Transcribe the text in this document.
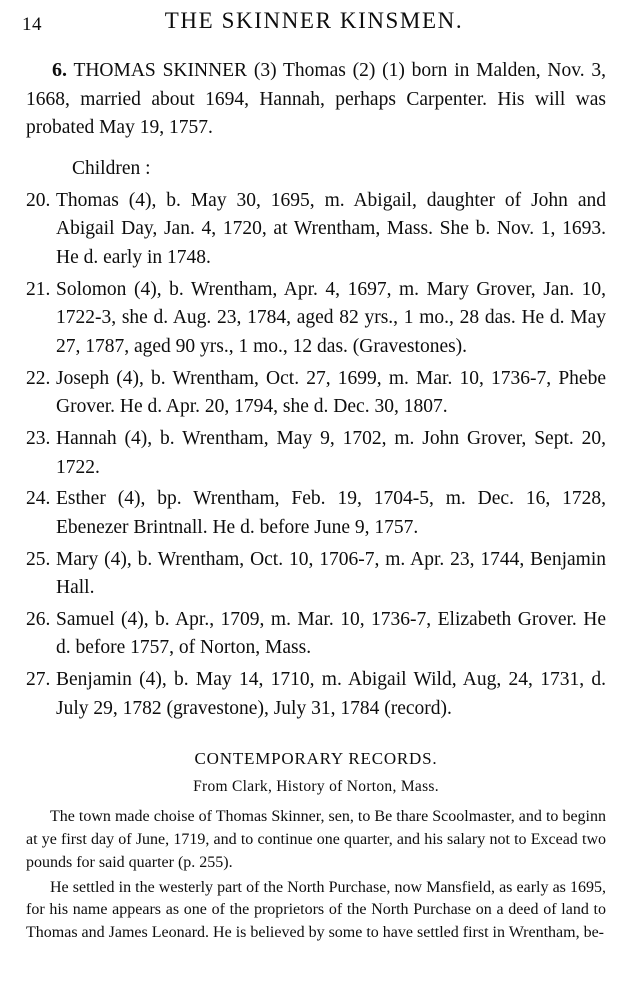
14	THE SKINNER KINSMEN.

6. THOMAS SKINNER (3) Thomas (2) (1) born in Malden, Nov. 3, 1668, married about 1694, Hannah, perhaps Carpenter. His will was probated May 19, 1757.

Children :

20. Thomas (4), b. May 30, 1695, m. Abigail, daughter of John and Abigail Day, Jan. 4, 1720, at Wrentham, Mass. She b. Nov. 1, 1693. He d. early in 1748.
21. Solomon (4), b. Wrentham, Apr. 4, 1697, m. Mary Grover, Jan. 10, 1722-3, she d. Aug. 23, 1784, aged 82 yrs., 1 mo., 28 das. He d. May 27, 1787, aged 90 yrs., 1 mo., 12 das. (Gravestones).
22. Joseph (4), b. Wrentham, Oct. 27, 1699, m. Mar. 10, 1736-7, Phebe Grover. He d. Apr. 20, 1794, she d. Dec. 30, 1807.
23. Hannah (4), b. Wrentham, May 9, 1702, m. John Grover, Sept. 20, 1722.
24. Esther (4), bp. Wrentham, Feb. 19, 1704-5, m. Dec. 16, 1728, Ebenezer Brintnall. He d. before June 9, 1757.
25. Mary (4), b. Wrentham, Oct. 10, 1706-7, m. Apr. 23, 1744, Benjamin Hall.
26. Samuel (4), b. Apr., 1709, m. Mar. 10, 1736-7, Elizabeth Grover. He d. before 1757, of Norton, Mass.
27. Benjamin (4), b. May 14, 1710, m. Abigail Wild, Aug, 24, 1731, d. July 29, 1782 (gravestone), July 31, 1784 (record).
CONTEMPORARY RECORDS.
From Clark, History of Norton, Mass.

The town made choise of Thomas Skinner, sen, to Be thare Scoolmaster, and to beginn at ye first day of June, 1719, and to continue one quarter, and his salary not to Excead two pounds for said quarter (p. 255).

He settled in the westerly part of the North Purchase, now Mansfield, as early as 1695, for his name appears as one of the proprietors of the North Purchase on a deed of land to Thomas and James Leonard. He is believed by some to have settled first in Wrentham, be-
